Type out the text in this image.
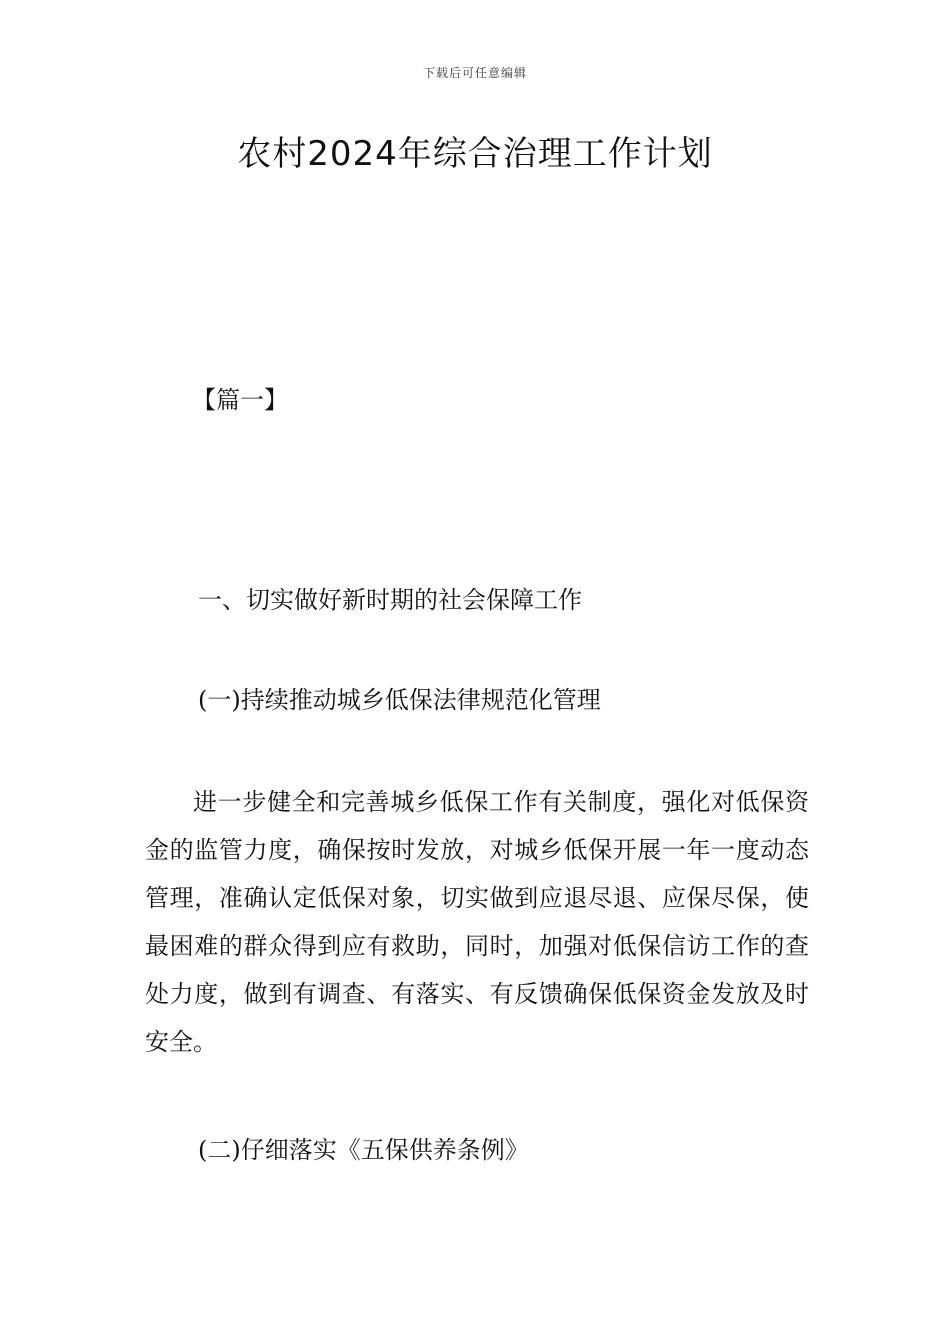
下载后可任意编辑
农村2024年综合治理工作计划
【篇一】
一、切实做好新时期的社会保障工作
(一)持续推动城乡低保法律规范化管理

进一步健全和完善城乡低保工作有关制度，强化对低保资金的监管力度，确保按时发放，对城乡低保开展一年一度动态管理，准确认定低保对象，切实做到应退尽退、应保尽保，使最困难的群众得到应有救助，同时，加强对低保信访工作的查处力度，做到有调查、有落实、有反馈确保低保资金发放及时安全。

(二)仔细落实《五保供养条例》
